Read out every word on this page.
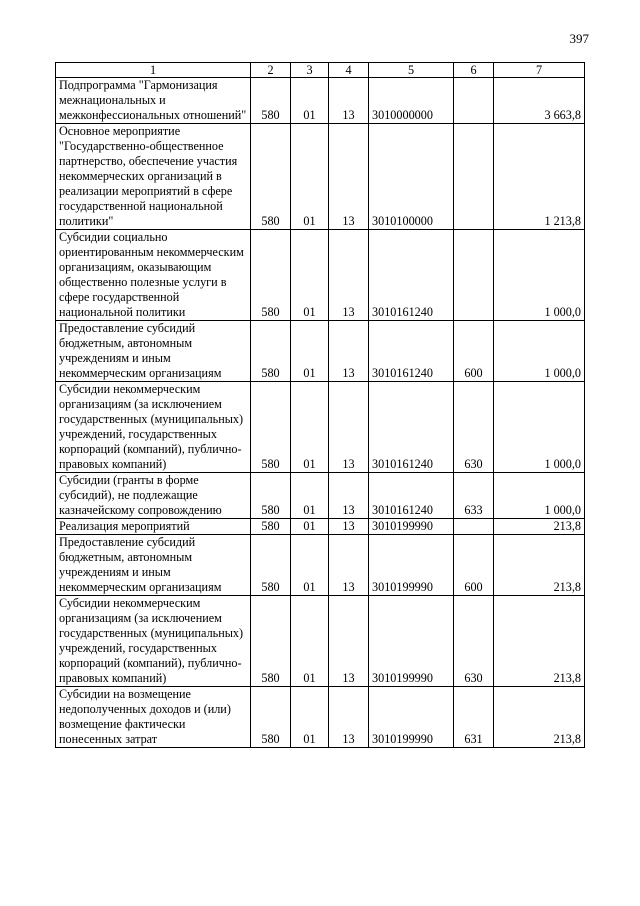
397
1	2	3	4	5	6	7
Подпрограмма "Гармонизация межнациональных и межконфессиональных отношений"	580	01	13	3010000000		3 663,8
Основное мероприятие "Государственно-общественное партнерство, обеспечение участия некоммерческих организаций в реализации мероприятий в сфере государственной национальной политики"	580	01	13	3010100000		1 213,8
Субсидии социально ориентированным некоммерческим организациям, оказывающим общественно полезные услуги в сфере государственной национальной политики	580	01	13	3010161240		1 000,0
Предоставление субсидий бюджетным, автономным учреждениям и иным некоммерческим организациям	580	01	13	3010161240	600	1 000,0
Субсидии некоммерческим организациям (за исключением государственных (муниципальных) учреждений, государственных корпораций (компаний), публично-правовых компаний)	580	01	13	3010161240	630	1 000,0
Субсидии (гранты в форме субсидий), не подлежащие казначейскому сопровождению	580	01	13	3010161240	633	1 000,0
Реализация мероприятий	580	01	13	3010199990		213,8
Предоставление субсидий бюджетным, автономным учреждениям и иным некоммерческим организациям	580	01	13	3010199990	600	213,8
Субсидии некоммерческим организациям (за исключением государственных (муниципальных) учреждений, государственных корпораций (компаний), публично-правовых компаний)	580	01	13	3010199990	630	213,8
Субсидии на возмещение недополученных доходов и (или) возмещение фактически понесенных затрат	580	01	13	3010199990	631	213,8
